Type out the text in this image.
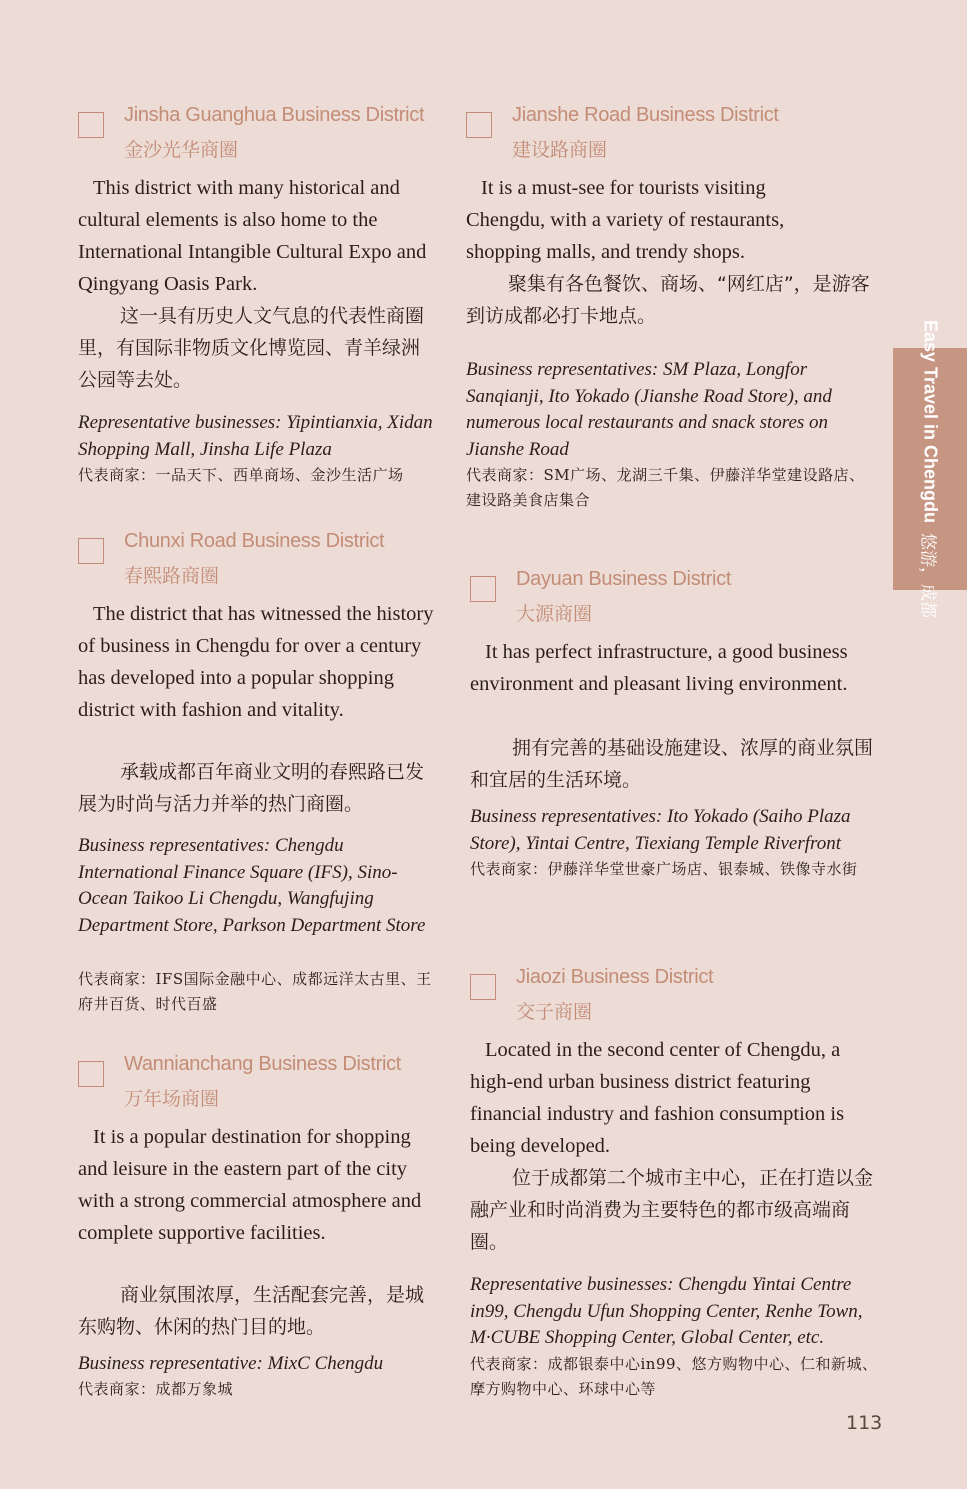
Jinsha Guanghua Business District
金沙光华商圈

This district with many historical and cultural elements is also home to the International Intangible Cultural Expo and Qingyang Oasis Park.

这一具有历史人文气息的代表性商圈里，有国际非物质文化博览园、青羊绿洲公园等去处。

Representative businesses: Yipintianxia, Xidan Shopping Mall, Jinsha Life Plaza

代表商家：一品天下、西单商场、金沙生活广场

Chunxi Road Business District
春熙路商圈

The district that has witnessed the history of business in Chengdu for over a century has developed into a popular shopping district with fashion and vitality.

承载成都百年商业文明的春熙路已发展为时尚与活力并举的热门商圈。

Business representatives: Chengdu International Finance Square (IFS), Sino-Ocean Taikoo Li Chengdu, Wangfujing Department Store, Parkson Department Store

代表商家：IFS国际金融中心、成都远洋太古里、王府井百货、时代百盛

Wannianchang Business District
万年场商圈

It is a popular destination for shopping and leisure in the eastern part of the city with a strong commercial atmosphere and complete supportive facilities.

商业氛围浓厚，生活配套完善，是城东购物、休闲的热门目的地。

Business representative: MixC Chengdu

代表商家：成都万象城

Jianshe Road Business District
建设路商圈

It is a must-see for tourists visiting Chengdu, with a variety of restaurants, shopping malls, and trendy shops.

聚集有各色餐饮、商场、“网红店”，是游客到访成都必打卡地点。

Business representatives: SM Plaza, Longfor Sanqianji, Ito Yokado (Jianshe Road Store), and numerous local restaurants and snack stores on Jianshe Road

代表商家：SM广场、龙湖三千集、伊藤洋华堂建设路店、建设路美食店集合

Dayuan Business District
大源商圈

It has perfect infrastructure, a good business environment and pleasant living environment.

拥有完善的基础设施建设、浓厚的商业氛围和宜居的生活环境。

Business representatives: Ito Yokado (Saiho Plaza Store), Yintai Centre, Tiexiang Temple Riverfront

代表商家：伊藤洋华堂世豪广场店、银泰城、铁像寺水街

Jiaozi Business District
交子商圈

Located in the second center of Chengdu, a high-end urban business district featuring financial industry and fashion consumption is being developed.

位于成都第二个城市主中心，正在打造以金融产业和时尚消费为主要特色的都市级高端商圈。

Representative businesses: Chengdu Yintai Centre in99, Chengdu Ufun Shopping Center, Renhe Town, M·CUBE Shopping Center, Global Center, etc.

代表商家：成都银泰中心in99、悠方购物中心、仁和新城、摩方购物中心、环球中心等

Easy Travel in Chengdu
悠游，成都
113
